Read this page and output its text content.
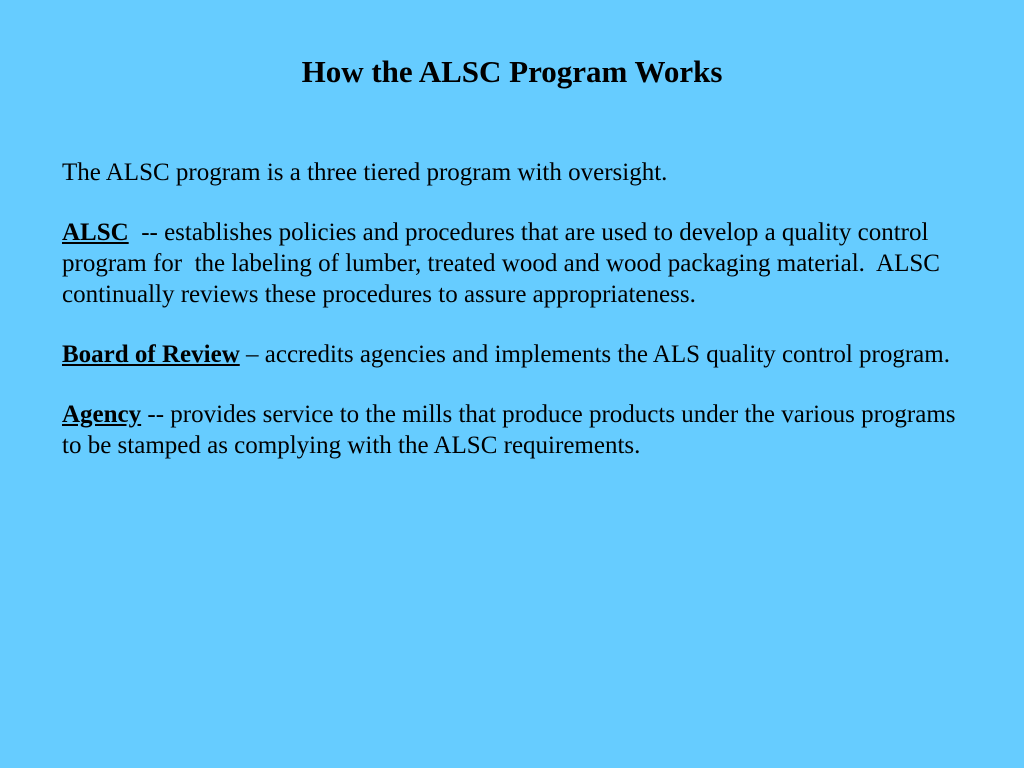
How the ALSC Program Works

The ALSC program is a three tiered program with oversight.

ALSC  -- establishes policies and procedures that are used to develop a quality control program for  the labeling of lumber, treated wood and wood packaging material.  ALSC continually reviews these procedures to assure appropriateness.

Board of Review – accredits agencies and implements the ALS quality control program.

Agency -- provides service to the mills that produce products under the various programs to be stamped as complying with the ALSC requirements.
